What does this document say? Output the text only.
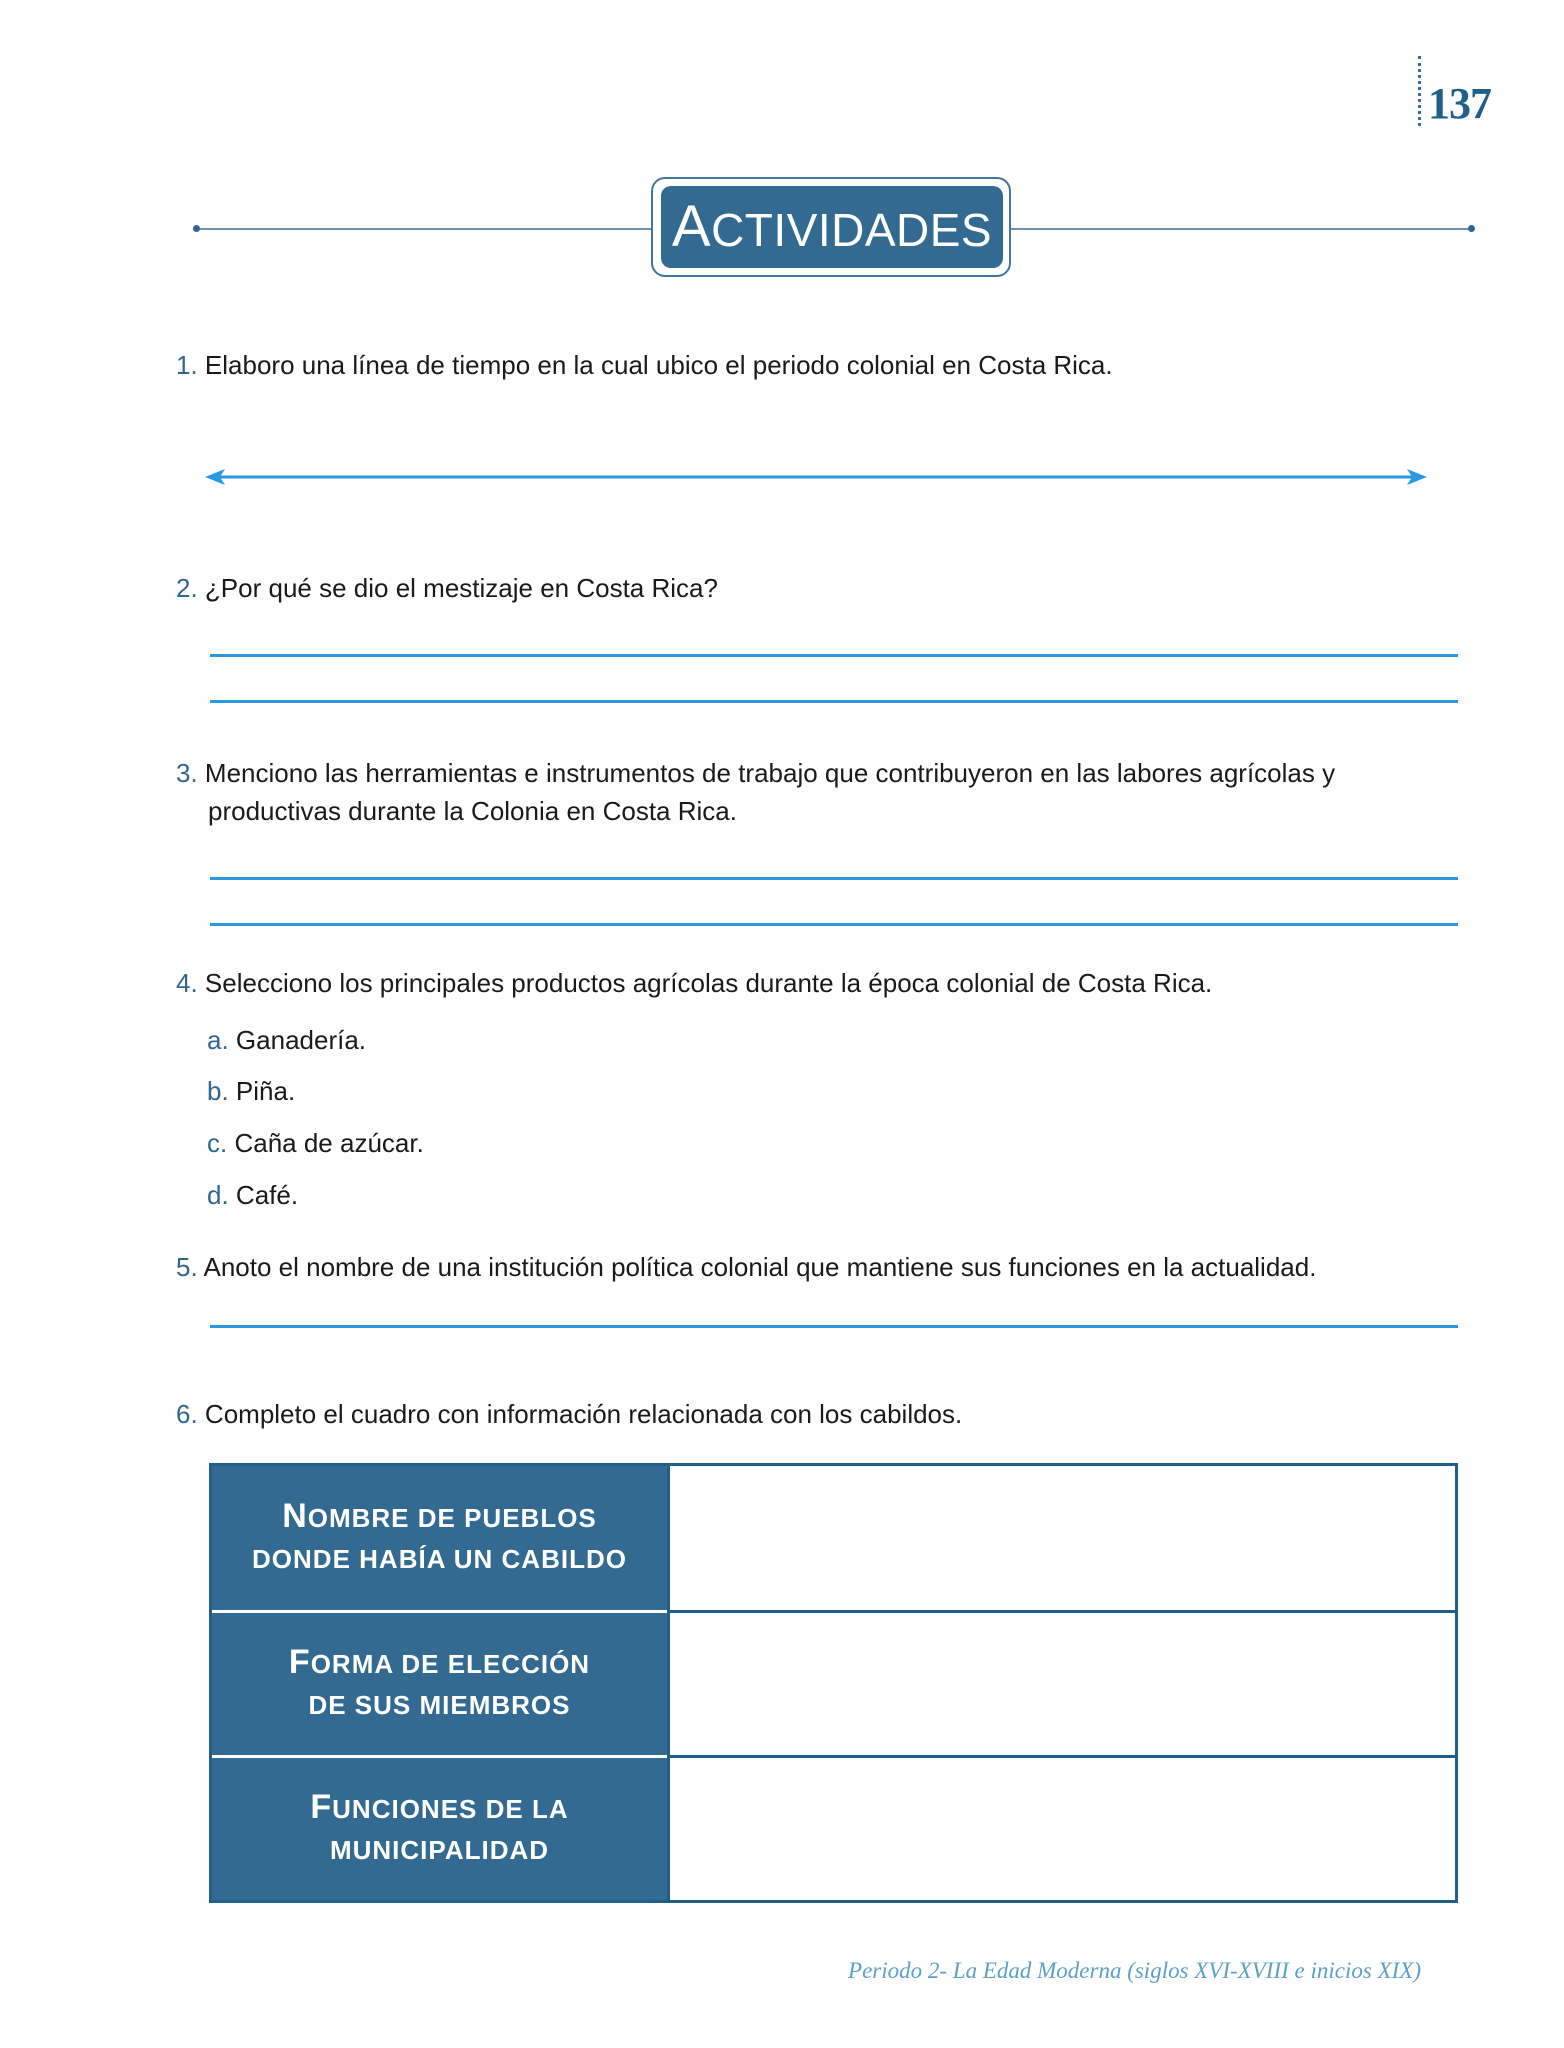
137
ACTIVIDADES
1. Elaboro una línea de tiempo en la cual ubico el periodo colonial en Costa Rica.
2. ¿Por qué se dio el mestizaje en Costa Rica?
3. Menciono las herramientas e instrumentos de trabajo que contribuyeron en las labores agrícolas y
productivas durante la Colonia en Costa Rica.
4. Selecciono los principales productos agrícolas durante la época colonial de Costa Rica.
a. Ganadería.
b. Piña.
c. Caña de azúcar.
d. Café.
5. Anoto el nombre de una institución política colonial que mantiene sus funciones en la actualidad.
6. Completo el cuadro con información relacionada con los cabildos.
NOMBRE DE PUEBLOS
DONDE HABÍA UN CABILDO
FORMA DE ELECCIÓN
DE SUS MIEMBROS
FUNCIONES DE LA
MUNICIPALIDAD
Periodo 2- La Edad Moderna (siglos XVI-XVIII e inicios XIX)
